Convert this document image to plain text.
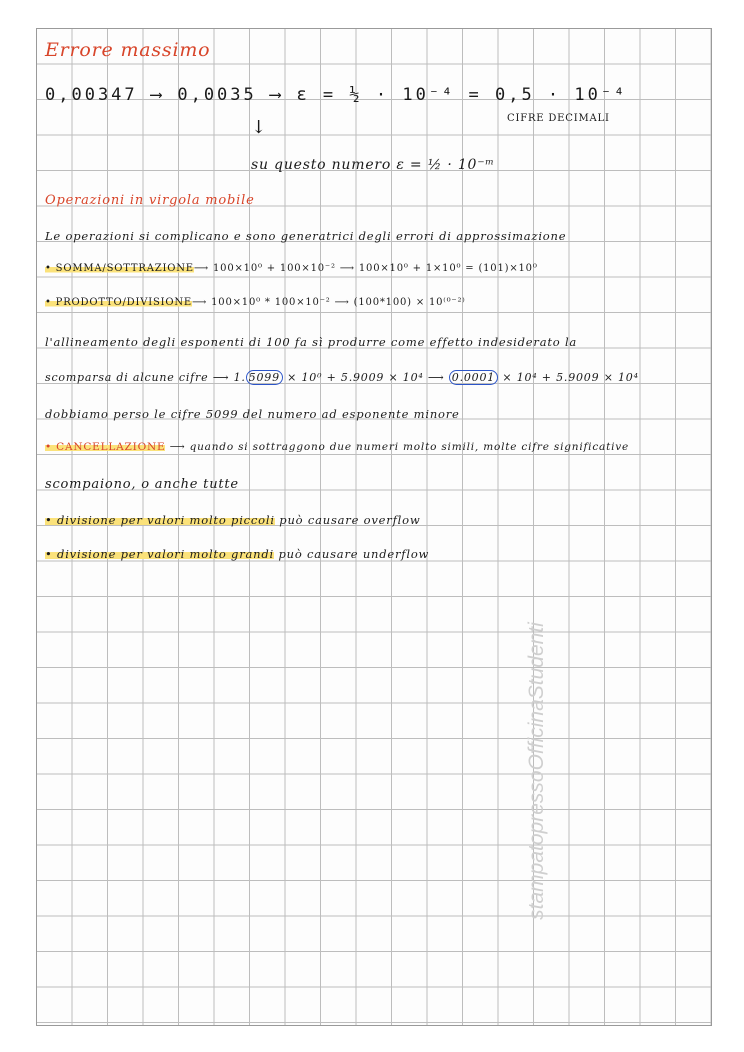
Errore massimo
0,00347 ⟶ 0,0035 ⟶ ε = ½ · 10⁻⁴ = 0,5 · 10⁻⁴
CIFRE DECIMALI
↓
su questo numero ε = ½ · 10⁻ᵐ
Operazioni in virgola mobile
Le operazioni si complicano e sono generatrici degli errori di approssimazione
• SOMMA/SOTTRAZIONE⟶ 100×10⁰ + 100×10⁻² ⟶ 100×10⁰ + 1×10⁰ = (101)×10⁰
• PRODOTTO/DIVISIONE⟶ 100×10⁰ * 100×10⁻² ⟶ (100*100) × 10⁽⁰⁻²⁾
l'allineamento degli esponenti di 100 fa sì produrre come effetto indesiderato la
scomparsa di alcune cifre ⟶ 1. 5099 × 10⁰ + 5.9009 × 10⁴ ⟶ 0.0001 × 10⁴ + 5.9009 × 10⁴
dobbiamo perso le cifre 5099 del numero ad esponente minore
• CANCELLAZIONE ⟶ quando si sottraggono due numeri molto simili, molte cifre significative
scompaiono, o anche tutte
• divisione per valori molto piccoli può causare overflow
• divisione per valori molto grandi può causare underflow
stampatopressoOfficinaStudenti
